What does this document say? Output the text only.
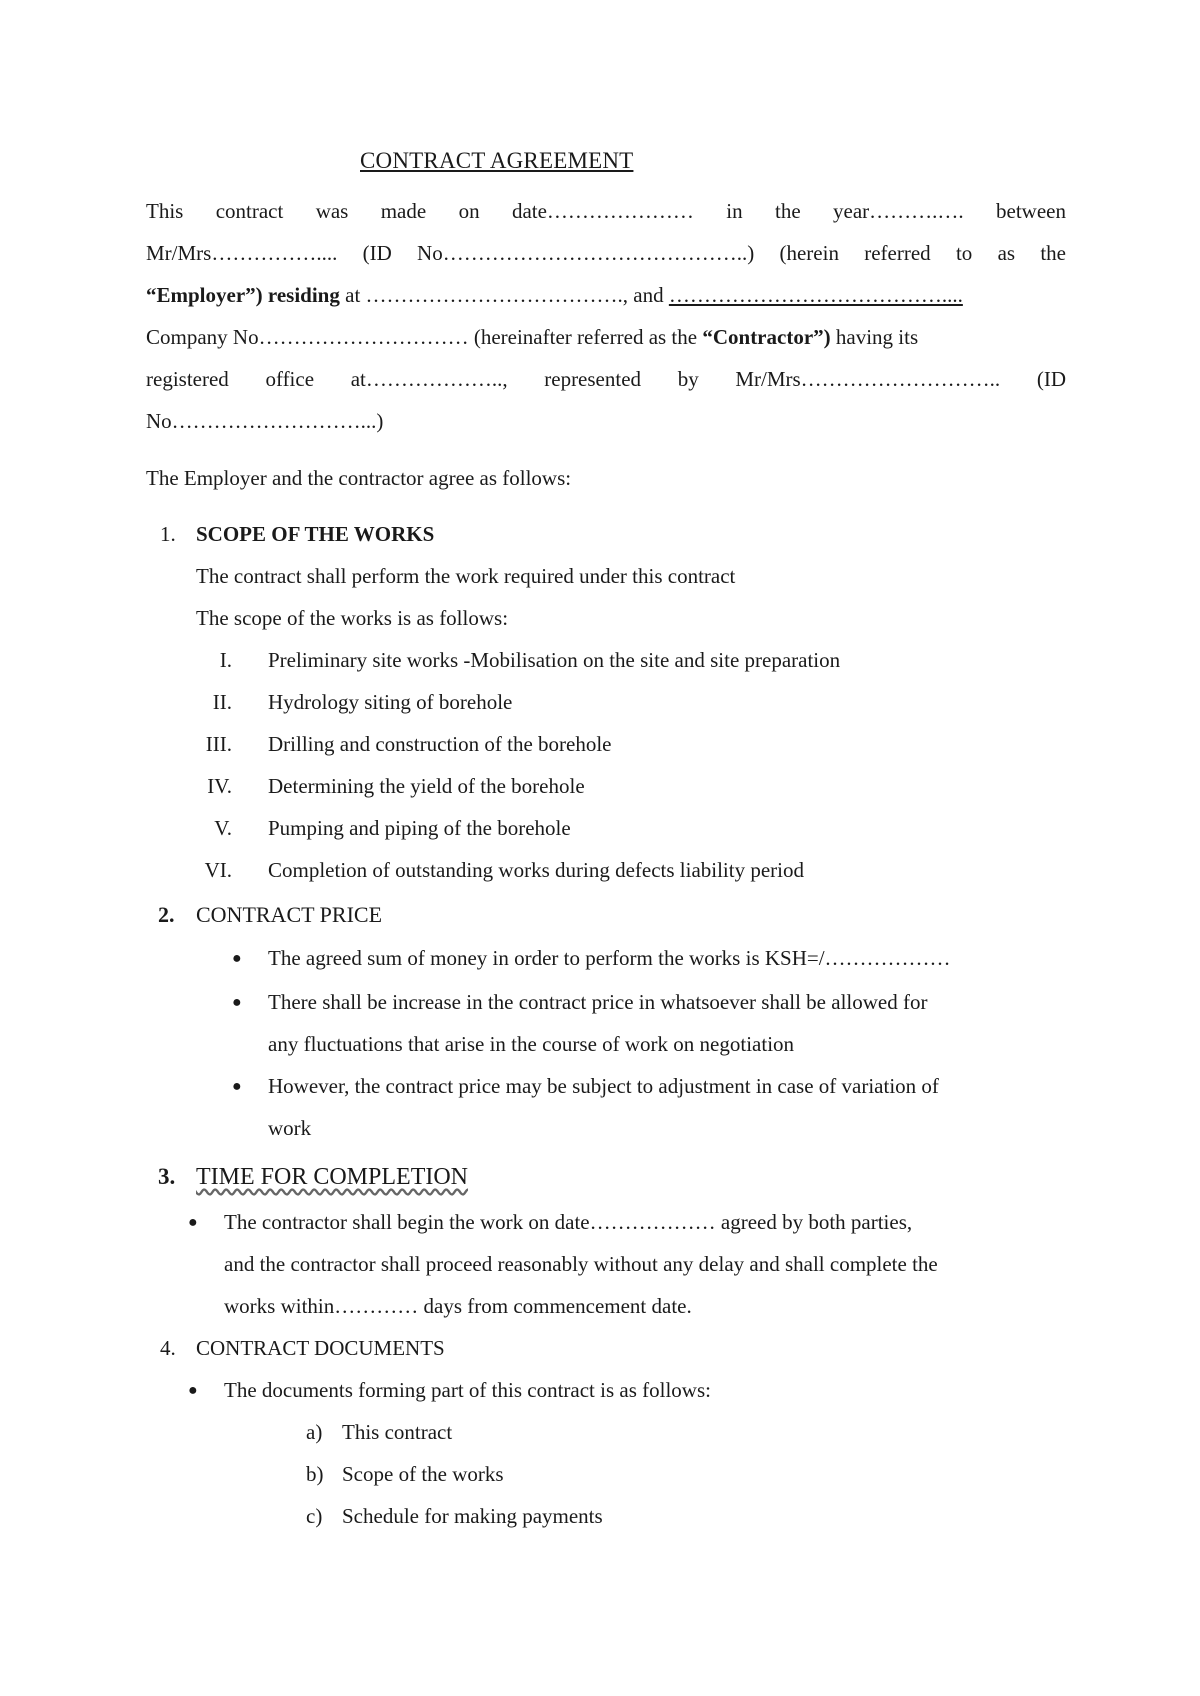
CONTRACT AGREEMENT
This contract was made on date………………… in the year……….…. between
Mr/Mrs…………….... (ID No……………………………………..) (herein referred to as the
“Employer”) residing at ………………………………., and …………………………………....
Company No………………………… (hereinafter referred as the “Contractor”) having its
registered office at……………….., represented by Mr/Mrs……………………….. (ID
No………………………...)
The Employer and the contractor agree as follows:
1. SCOPE OF THE WORKS
The contract shall perform the work required under this contract
The scope of the works is as follows:
I. Preliminary site works -Mobilisation on the site and site preparation
II. Hydrology siting of borehole
III. Drilling and construction of the borehole
IV. Determining the yield of the borehole
V. Pumping and piping of the borehole
VI. Completion of outstanding works during defects liability period
2. CONTRACT PRICE
● The agreed sum of money in order to perform the works is KSH=/………………
● There shall be increase in the contract price in whatsoever shall be allowed for
any fluctuations that arise in the course of work on negotiation
● However, the contract price may be subject to adjustment in case of variation of
work
3. TIME FOR COMPLETION
● The contractor shall begin the work on date……………… agreed by both parties,
and the contractor shall proceed reasonably without any delay and shall complete the
works within………… days from commencement date.
4. CONTRACT DOCUMENTS
● The documents forming part of this contract is as follows:
a) This contract
b) Scope of the works
c) Schedule for making payments
